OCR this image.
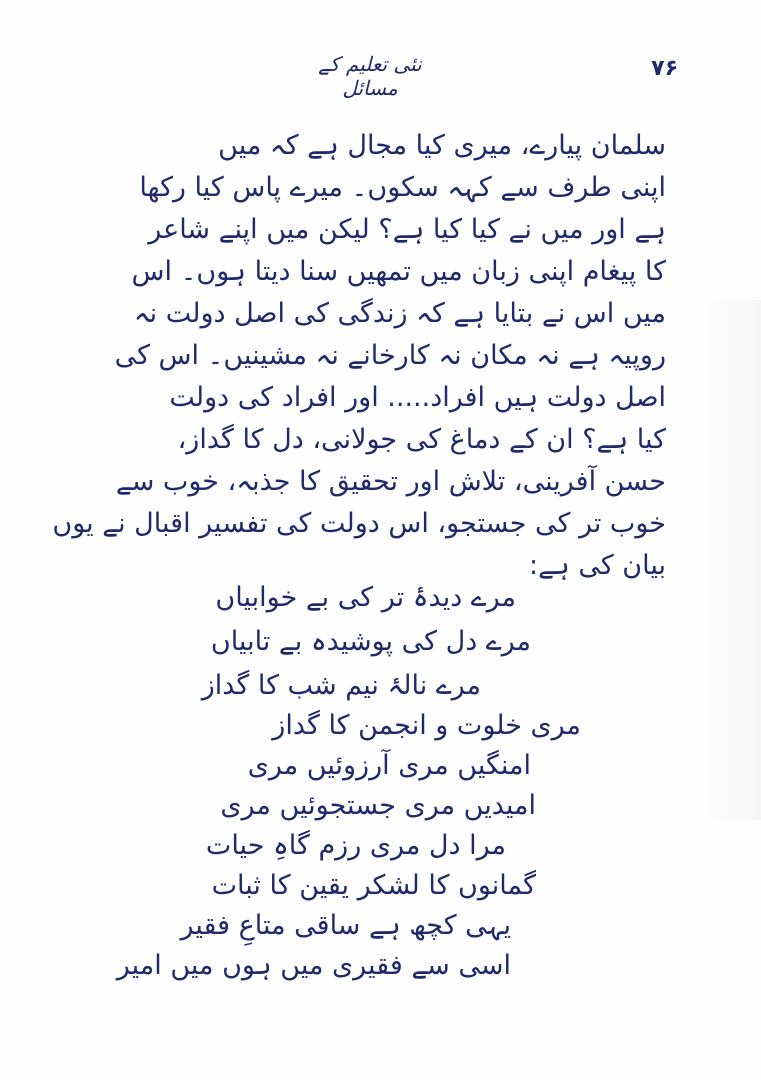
نئی تعلیم کے مسائل
۷۶
سلمان پیارے، میری کیا مجال ہے کہ میں
اپنی طرف سے کہہ سکوں۔ میرے پاس کیا رکھا
ہے اور میں نے کیا کیا ہے؟ لیکن میں اپنے شاعر
کا پیغام اپنی زبان میں تمھیں سنا دیتا ہوں۔ اس
میں اس نے بتایا ہے کہ زندگی کی اصل دولت نہ
روپیہ ہے نہ مکان نہ کارخانے نہ مشینیں۔ اس کی
اصل دولت ہیں افراد..... اور افراد کی دولت
کیا ہے؟ ان کے دماغ کی جولانی، دل کا گداز،
حسن آفرینی، تلاش اور تحقیق کا جذبہ، خوب سے
خوب تر کی جستجو، اس دولت کی تفسیر اقبال نے یوں
بیان کی ہے:
مرے دیدۂ تر کی بے خوابیاں
مرے دل کی پوشیدہ بے تابیاں
مرے نالۂ نیم شب کا گداز
مری خلوت و انجمن کا گداز
امنگیں مری آرزوئیں مری
امیدیں مری جستجوئیں مری
مرا دل مری رزم گاہِ حیات
گمانوں کا لشکر یقین کا ثبات
یہی کچھ ہے ساقی متاعِ فقیر
اسی سے فقیری میں ہوں میں امیر
